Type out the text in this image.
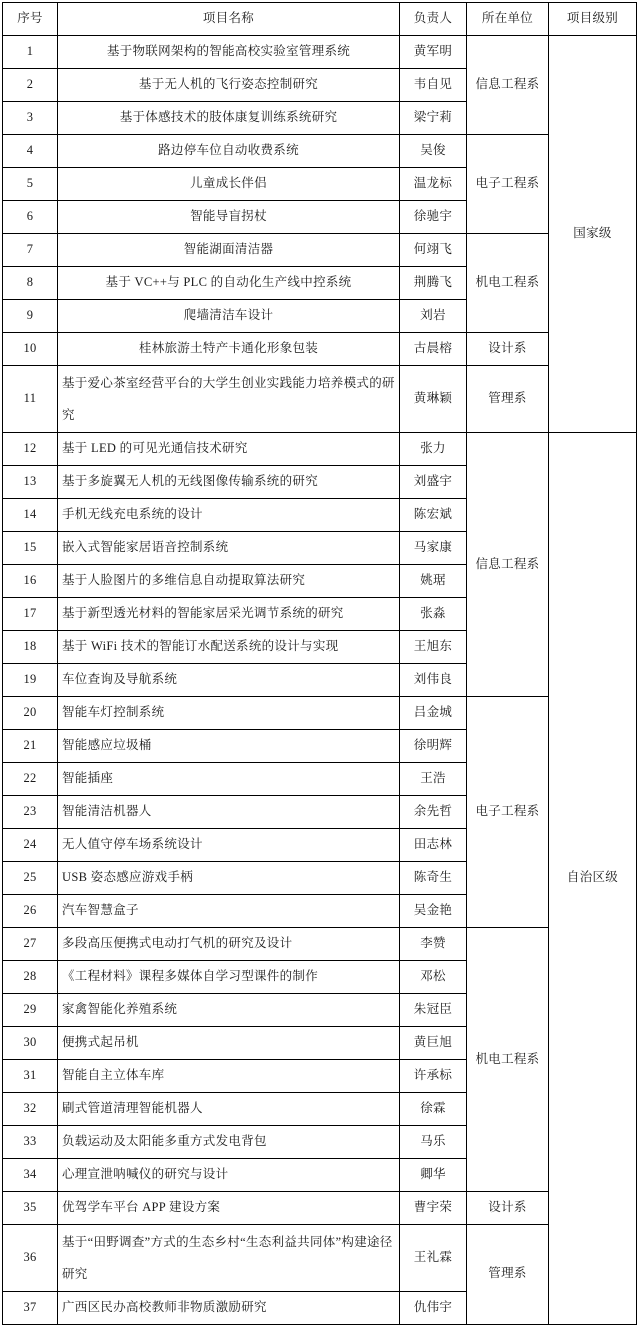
序号	项目名称	负责人	所在单位	项目级别
1	基于物联网架构的智能高校实验室管理系统	黄军明	信息工程系	国家级
2	基于无人机的飞行姿态控制研究	韦自见		
3	基于体感技术的肢体康复训练系统研究	梁宁莉		
4	路边停车位自动收费系统	吴俊	电子工程系	
5	儿童成长伴侣	温龙标		
6	智能导盲拐杖	徐驰宇		
7	智能湖面清洁器	何翊飞	机电工程系	
8	基于 VC++与 PLC 的自动化生产线中控系统	荆腾飞		
9	爬墙清洁车设计	刘岩		
10	桂林旅游土特产卡通化形象包装	古晨榕	设计系	
11	基于爱心茶室经营平台的大学生创业实践能力培养模式的研究	黄琳颖	管理系	
12	基于 LED 的可见光通信技术研究	张力	信息工程系	自治区级
13	基于多旋翼无人机的无线图像传输系统的研究	刘盛宇		
14	手机无线充电系统的设计	陈宏斌		
15	嵌入式智能家居语音控制系统	马家康		
16	基于人脸图片的多维信息自动提取算法研究	姚琚		
17	基于新型透光材料的智能家居采光调节系统的研究	张淼		
18	基于 WiFi 技术的智能订水配送系统的设计与实现	王旭东		
19	车位查询及导航系统	刘伟良		
20	智能车灯控制系统	吕金城	电子工程系	
21	智能感应垃圾桶	徐明辉		
22	智能插座	王浩		
23	智能清洁机器人	余先哲		
24	无人值守停车场系统设计	田志林		
25	USB 姿态感应游戏手柄	陈奇生		
26	汽车智慧盒子	吴金艳		
27	多段高压便携式电动打气机的研究及设计	李赞	机电工程系	
28	《工程材料》课程多媒体自学习型课件的制作	邓松		
29	家禽智能化养殖系统	朱冠臣		
30	便携式起吊机	黄巨旭		
31	智能自主立体车库	许承标		
32	刷式管道清理智能机器人	徐霖		
33	负载运动及太阳能多重方式发电背包	马乐		
34	心理宣泄呐喊仪的研究与设计	卿华		
35	优驾学车平台 APP 建设方案	曹宇荣	设计系	
36	基于“田野调查”方式的生态乡村“生态利益共同体”构建途径研究	王礼霖	管理系	
37	广西区民办高校教师非物质激励研究	仇伟宇		
